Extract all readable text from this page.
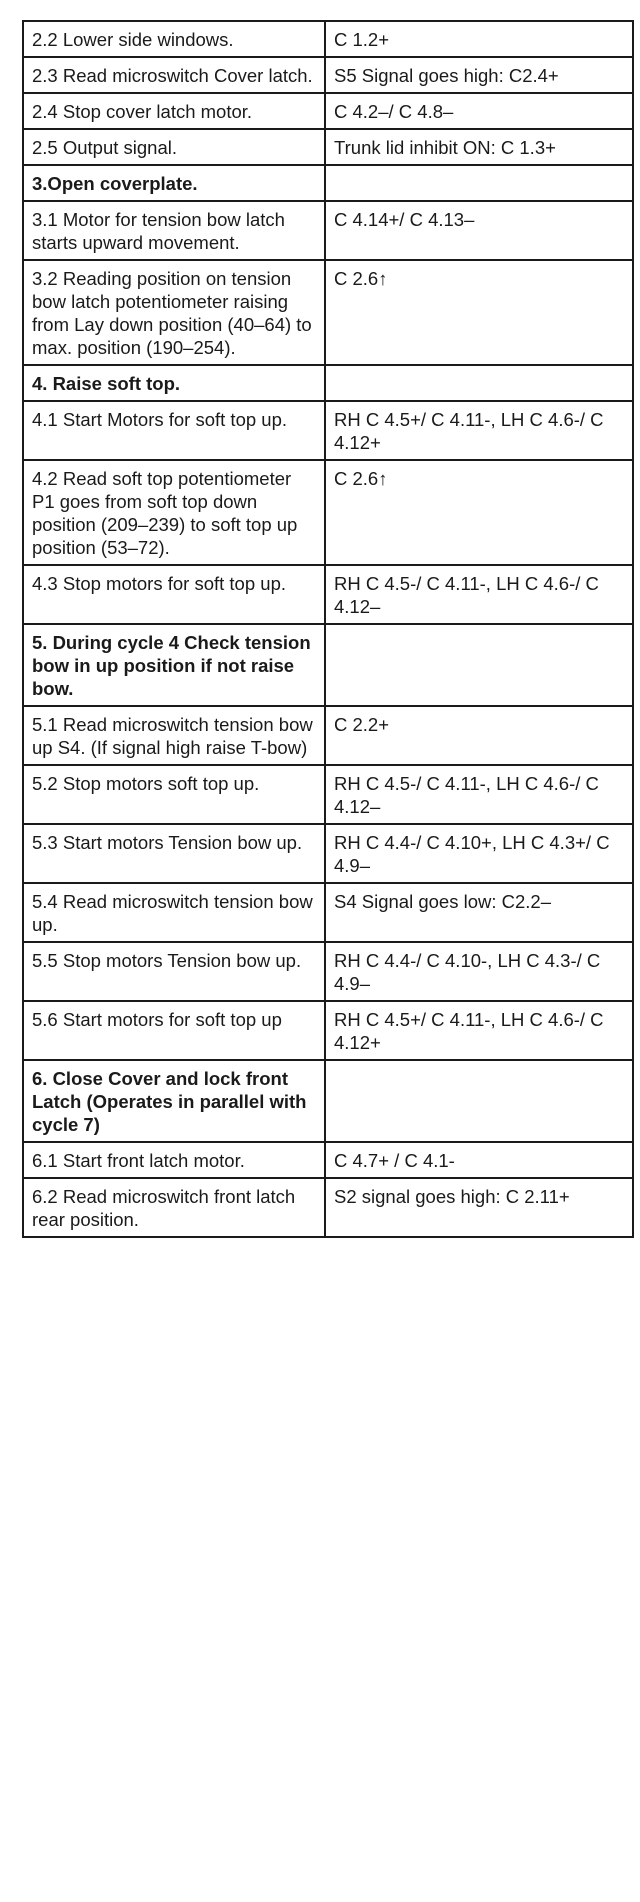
2.2 Lower side windows.	C 1.2+
2.3 Read microswitch Cover latch.	S5 Signal goes high: C2.4+
2.4 Stop cover latch motor.	C 4.2–/ C 4.8–
2.5 Output signal.	Trunk lid inhibit ON: C 1.3+
3.Open coverplate.	
3.1 Motor for tension bow latch starts upward movement.	C 4.14+/ C 4.13–
3.2 Reading position on tension bow latch potentiometer raising from Lay down position (40–64) to max. position (190–254).	C 2.6↑
4. Raise soft top.	
4.1 Start Motors for soft top up.	RH C 4.5+/ C 4.11-, LH C 4.6-/ C 4.12+
4.2 Read soft top potentiometer P1 goes from soft top down position (209–239) to soft top up position (53–72).	C 2.6↑
4.3 Stop motors for soft top up.	RH C 4.5-/ C 4.11-, LH C 4.6-/ C 4.12–
5. During cycle 4 Check tension bow in up position if not raise bow.	
5.1 Read microswitch tension bow up S4. (If signal high raise T-bow)	C 2.2+
5.2 Stop motors soft top up.	RH C 4.5-/ C 4.11-, LH C 4.6-/ C 4.12–
5.3 Start motors Tension bow up.	RH C 4.4-/ C 4.10+, LH C 4.3+/ C 4.9–
5.4 Read microswitch tension bow up.	S4 Signal goes low: C2.2–
5.5 Stop motors Tension bow up.	RH C 4.4-/ C 4.10-, LH C 4.3-/ C 4.9–
5.6 Start motors for soft top up	RH C 4.5+/ C 4.11-, LH C 4.6-/ C 4.12+
6. Close Cover and lock front Latch (Operates in parallel with cycle 7)	
6.1 Start front latch motor.	C 4.7+ / C 4.1-
6.2 Read microswitch front latch rear position.	S2 signal goes high: C 2.11+
